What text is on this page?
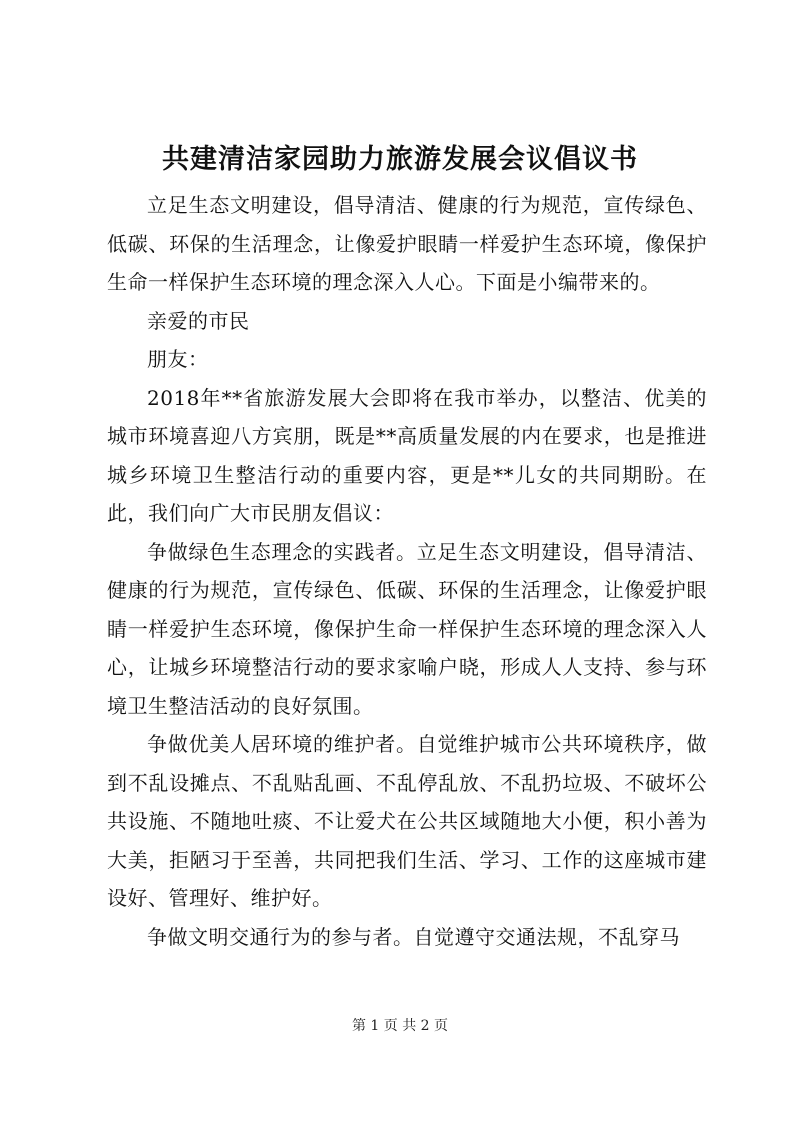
共建清洁家园助力旅游发展会议倡议书

立足生态文明建设，倡导清洁、健康的行为规范，宣传绿色、低碳、环保的生活理念，让像爱护眼睛一样爱护生态环境，像保护生命一样保护生态环境的理念深入人心。下面是小编带来的。

亲爱的市民

朋友：

2018年**省旅游发展大会即将在我市举办，以整洁、优美的城市环境喜迎八方宾朋，既是**高质量发展的内在要求，也是推进城乡环境卫生整洁行动的重要内容，更是**儿女的共同期盼。在此，我们向广大市民朋友倡议：

争做绿色生态理念的实践者。立足生态文明建设，倡导清洁、健康的行为规范，宣传绿色、低碳、环保的生活理念，让像爱护眼睛一样爱护生态环境，像保护生命一样保护生态环境的理念深入人心，让城乡环境整洁行动的要求家喻户晓，形成人人支持、参与环境卫生整洁活动的良好氛围。

争做优美人居环境的维护者。自觉维护城市公共环境秩序，做到不乱设摊点、不乱贴乱画、不乱停乱放、不乱扔垃圾、不破坏公共设施、不随地吐痰、不让爱犬在公共区域随地大小便，积小善为大美，拒陋习于至善，共同把我们生活、学习、工作的这座城市建设好、管理好、维护好。

争做文明交通行为的参与者。自觉遵守交通法规，不乱穿马

第 1 页 共 2 页
